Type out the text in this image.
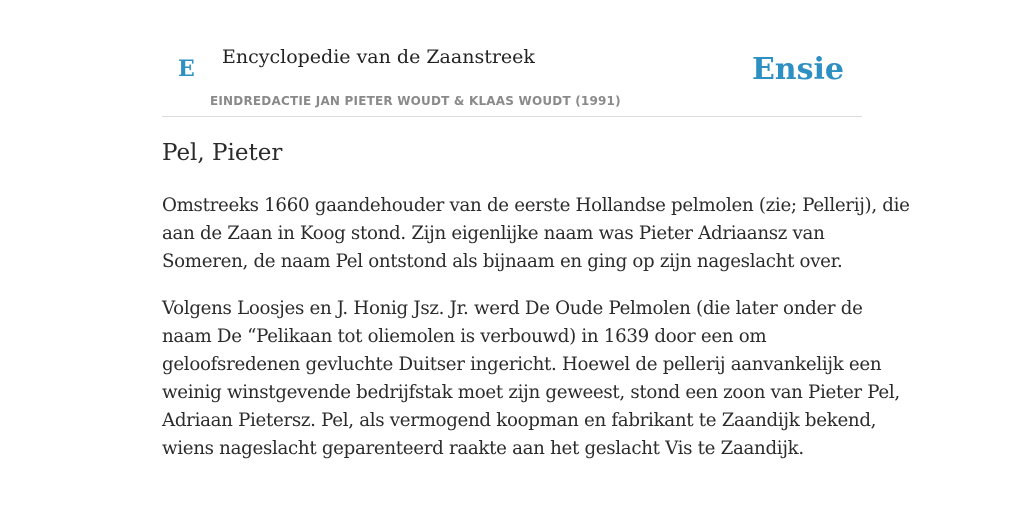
E Encyclopedie van de Zaanstreek
EINDREDACTIE JAN PIETER WOUDT & KLAAS WOUDT (1991)
Ensie
Pel, Pieter

Omstreeks 1660 gaandehouder van de eerste Hollandse pelmolen (zie; Pellerij), die
aan de Zaan in Koog stond. Zijn eigenlijke naam was Pieter Adriaansz van
Someren, de naam Pel ontstond als bijnaam en ging op zijn nageslacht over.

Volgens Loosjes en J. Honig Jsz. Jr. werd De Oude Pelmolen (die later onder de
naam De “Pelikaan tot oliemolen is verbouwd) in 1639 door een om
geloofsredenen gevluchte Duitser ingericht. Hoewel de pellerij aanvankelijk een
weinig winstgevende bedrijfstak moet zijn geweest, stond een zoon van Pieter Pel,
Adriaan Pietersz. Pel, als vermogend koopman en fabrikant te Zaandijk bekend,
wiens nageslacht geparenteerd raakte aan het geslacht Vis te Zaandijk.
